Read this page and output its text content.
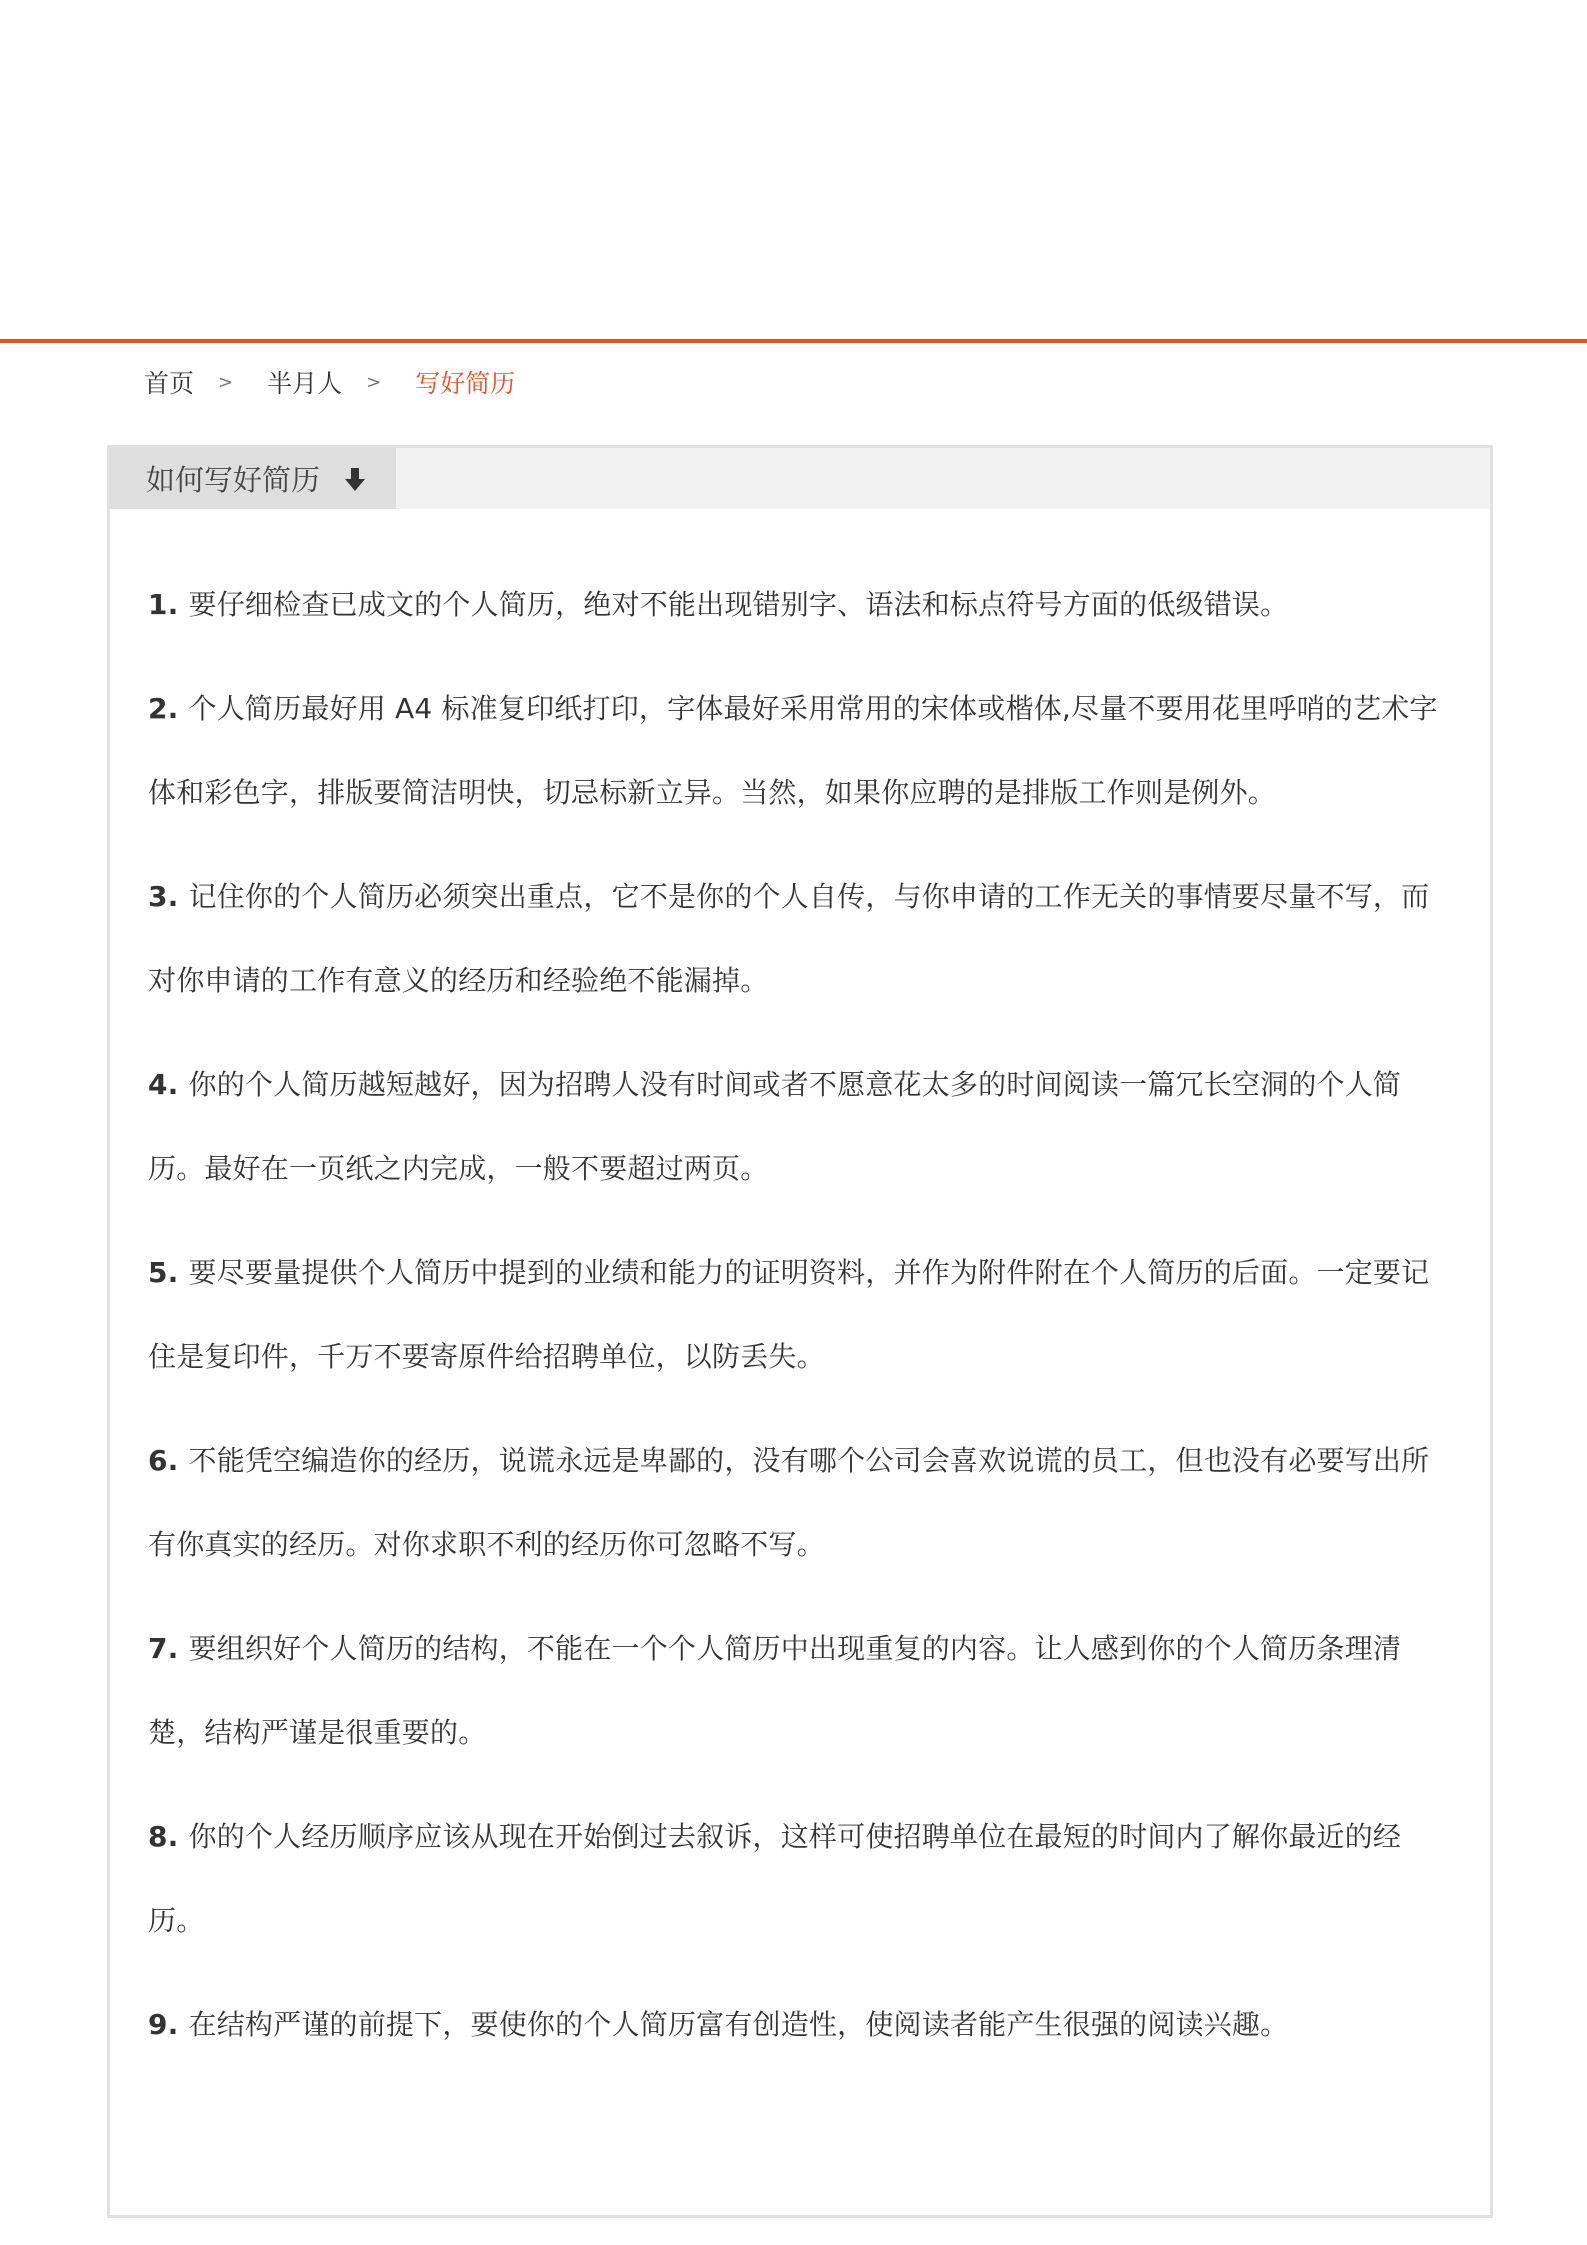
首页 > 半月人 > 写好简历
如何写好简历

1. 要仔细检查已成文的个人简历，绝对不能出现错别字、语法和标点符号方面的低级错误。

2. 个人简历最好用 A4 标准复印纸打印，字体最好采用常用的宋体或楷体,尽量不要用花里呼哨的艺术字体和彩色字，排版要简洁明快，切忌标新立异。当然，如果你应聘的是排版工作则是例外。

3. 记住你的个人简历必须突出重点，它不是你的个人自传，与你申请的工作无关的事情要尽量不写，而对你申请的工作有意义的经历和经验绝不能漏掉。

4. 你的个人简历越短越好，因为招聘人没有时间或者不愿意花太多的时间阅读一篇冗长空洞的个人简历。最好在一页纸之内完成，一般不要超过两页。

5. 要尽要量提供个人简历中提到的业绩和能力的证明资料，并作为附件附在个人简历的后面。一定要记住是复印件，千万不要寄原件给招聘单位，以防丢失。

6. 不能凭空编造你的经历，说谎永远是卑鄙的，没有哪个公司会喜欢说谎的员工，但也没有必要写出所有你真实的经历。对你求职不利的经历你可忽略不写。

7. 要组织好个人简历的结构，不能在一个个人简历中出现重复的内容。让人感到你的个人简历条理清楚，结构严谨是很重要的。

8. 你的个人经历顺序应该从现在开始倒过去叙诉，这样可使招聘单位在最短的时间内了解你最近的经历。

9. 在结构严谨的前提下，要使你的个人简历富有创造性，使阅读者能产生很强的阅读兴趣。
